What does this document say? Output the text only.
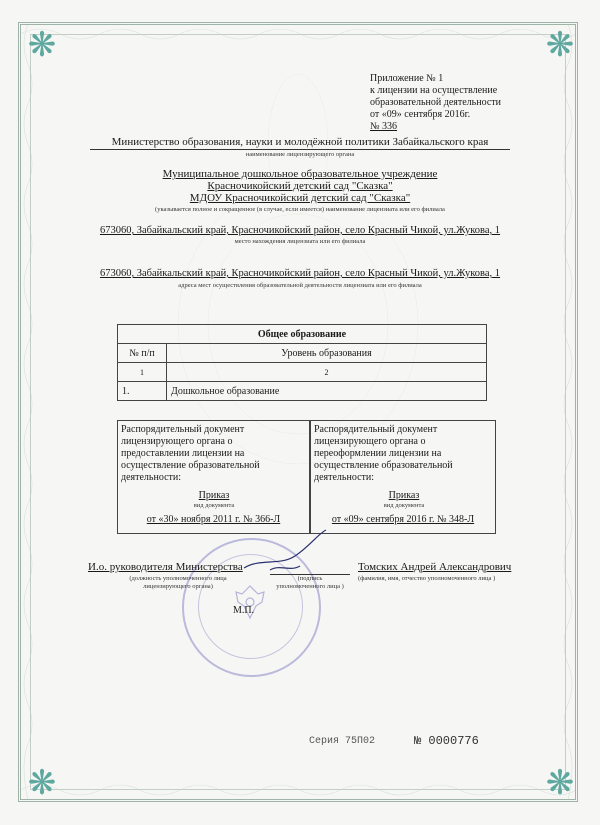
❋	❋
❋	❋
Приложение № 1
к лицензии на осуществление
образовательной деятельности
от «09» сентября 2016г.
№ 336
Министерство образования, науки и молодёжной политики Забайкальского края
наименование лицензирующего органа
Муниципальное дошкольное образовательное учреждение
Красночикойский детский сад "Сказка"
МДОУ Красночикойский детский сад "Сказка"
(указывается полное и сокращенное (в случае, если имеется) наименование лицензиата или его филиала
673060, Забайкальский край, Красночикойский район, село Красный Чикой, ул.Жукова, 1
место нахождения лицензиата или его филиала
673060, Забайкальский край, Красночикойский район, село Красный Чикой, ул.Жукова, 1
адреса мест осуществления образовательной деятельности лицензиата или его филиала
Общее образование	
№ п/п	Уровень образования
1	2
1.	Дошкольное образование
Распорядительный документ
лицензирующего органа о
предоставлении лицензии на
осуществление образовательной
деятельности:
Приказ
вид документа
от «30» ноября 2011 г. № 366-Л
Распорядительный документ
лицензирующего органа о
переоформлении лицензии на
осуществление образовательной
деятельности:
Приказ
вид документа
от «09» сентября 2016 г. № 348-Л
И.о. руководителя Министерства
(должность уполномоченного лица
лицензирующего органа)
(подпись
уполномоченного лица )
Томских Андрей Александрович
(фамилия, имя, отчество уполномоченного лица )
М.П.
Серия 75П02	№ 0000776
